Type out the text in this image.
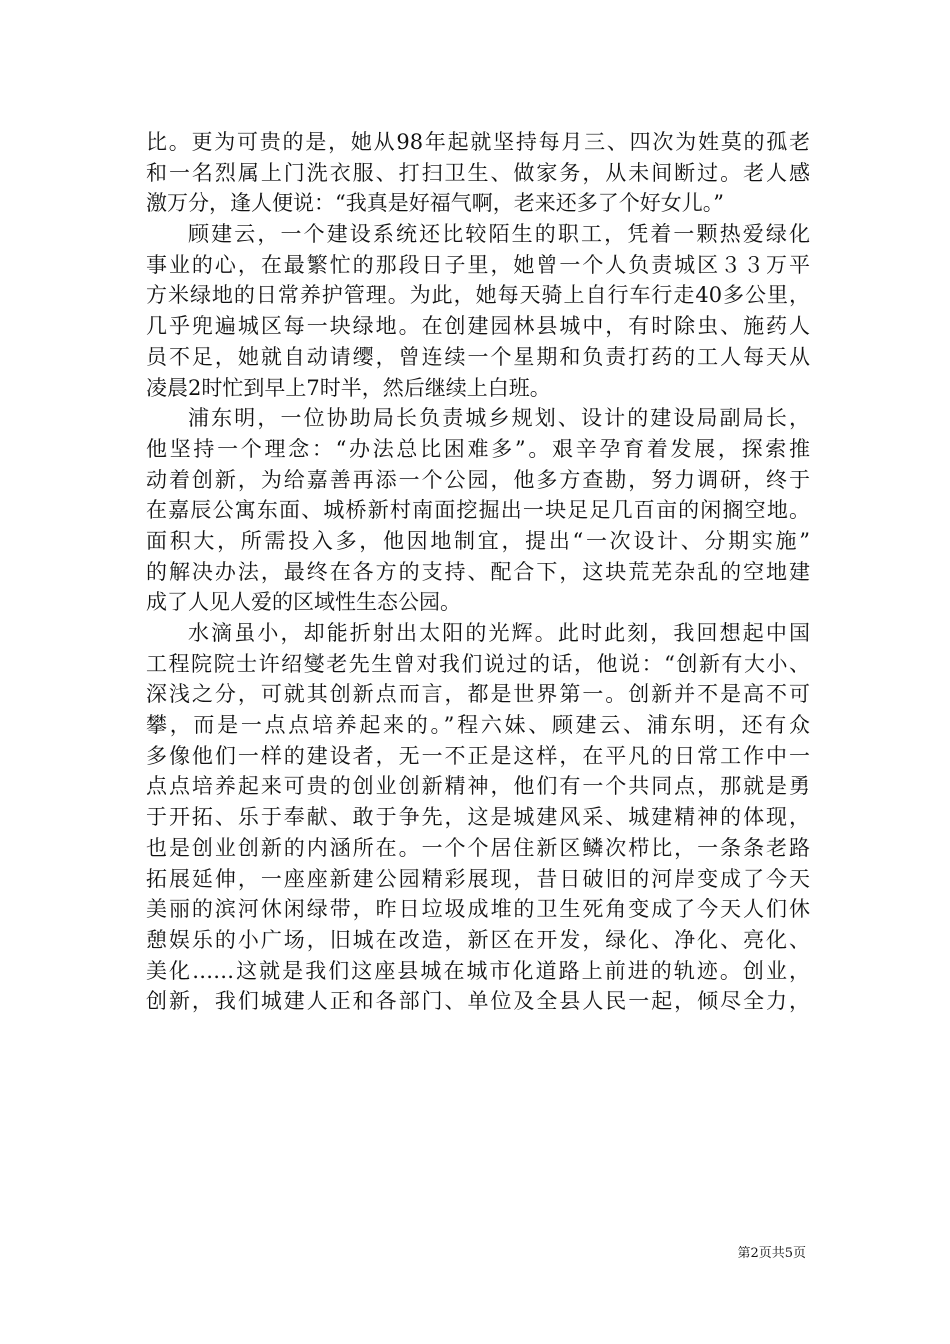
比。更为可贵的是，她从98年起就坚持每月三、四次为姓莫的孤老
和一名烈属上门洗衣服、打扫卫生、做家务，从未间断过。老人感
激万分，逢人便说：“我真是好福气啊，老来还多了个好女儿。”
顾建云，一个建设系统还比较陌生的职工，凭着一颗热爱绿化
事业的心，在最繁忙的那段日子里，她曾一个人负责城区３３万平
方米绿地的日常养护管理。为此，她每天骑上自行车行走40多公里，
几乎兜遍城区每一块绿地。在创建园林县城中，有时除虫、施药人
员不足，她就自动请缨，曾连续一个星期和负责打药的工人每天从
凌晨2时忙到早上7时半，然后继续上白班。
浦东明，一位协助局长负责城乡规划、设计的建设局副局长，
他坚持一个理念：“办法总比困难多”。艰辛孕育着发展，探索推
动着创新，为给嘉善再添一个公园，他多方查勘，努力调研，终于
在嘉辰公寓东面、城桥新村南面挖掘出一块足足几百亩的闲搁空地。
面积大，所需投入多，他因地制宜，提出“一次设计、分期实施”
的解决办法，最终在各方的支持、配合下，这块荒芜杂乱的空地建
成了人见人爱的区域性生态公园。
水滴虽小，却能折射出太阳的光辉。此时此刻，我回想起中国
工程院院士许绍燮老先生曾对我们说过的话，他说：“创新有大小、
深浅之分，可就其创新点而言，都是世界第一。创新并不是高不可
攀，而是一点点培养起来的。”程六妹、顾建云、浦东明，还有众
多像他们一样的建设者，无一不正是这样，在平凡的日常工作中一
点点培养起来可贵的创业创新精神，他们有一个共同点，那就是勇
于开拓、乐于奉献、敢于争先，这是城建风采、城建精神的体现，
也是创业创新的内涵所在。一个个居住新区鳞次栉比，一条条老路
拓展延伸，一座座新建公园精彩展现，昔日破旧的河岸变成了今天
美丽的滨河休闲绿带，昨日垃圾成堆的卫生死角变成了今天人们休
憩娱乐的小广场，旧城在改造，新区在开发，绿化、净化、亮化、
美化……这就是我们这座县城在城市化道路上前进的轨迹。创业，
创新，我们城建人正和各部门、单位及全县人民一起，倾尽全力，
第2页共5页
